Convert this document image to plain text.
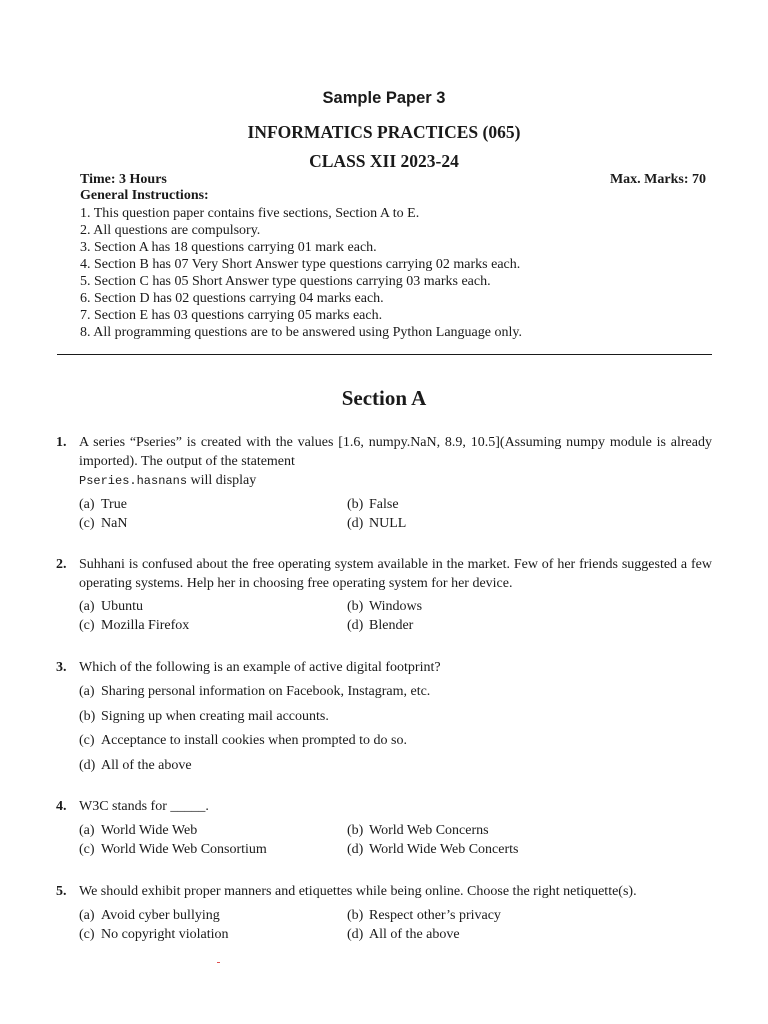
Sample Paper 3
INFORMATICS PRACTICES (065)
CLASS XII 2023-24
Time: 3 Hours	Max. Marks: 70
General Instructions:
1. This question paper contains five sections, Section A to E.
2. All questions are compulsory.
3. Section A has 18 questions carrying 01 mark each.
4. Section B has 07 Very Short Answer type questions carrying 02 marks each.
5. Section C has 05 Short Answer type questions carrying 03 marks each.
6. Section D has 02 questions carrying 04 marks each.
7. Section E has 03 questions carrying 05 marks each.
8. All programming questions are to be answered using Python Language only.
Section A
1. A series “Pseries” is created with the values [1.6, numpy.NaN, 8.9, 10.5](Assuming numpy module is already imported). The output of the statement
Pseries.hasnans will display
(a) True	(b) False
(c) NaN	(d) NULL
2. Suhhani is confused about the free operating system available in the market. Few of her friends suggested a few operating systems. Help her in choosing free operating system for her device.
(a) Ubuntu	(b) Windows
(c) Mozilla Firefox	(d) Blender
3. Which of the following is an example of active digital footprint?
(a) Sharing personal information on Facebook, Instagram, etc.
(b) Signing up when creating mail accounts.
(c) Acceptance to install cookies when prompted to do so.
(d) All of the above
4. W3C stands for _____.
(a) World Wide Web	(b) World Web Concerns
(c) World Wide Web Consortium	(d) World Wide Web Concerts
5. We should exhibit proper manners and etiquettes while being online. Choose the right netiquette(s).
(a) Avoid cyber bullying	(b) Respect other’s privacy
(c) No copyright violation	(d) All of the above
